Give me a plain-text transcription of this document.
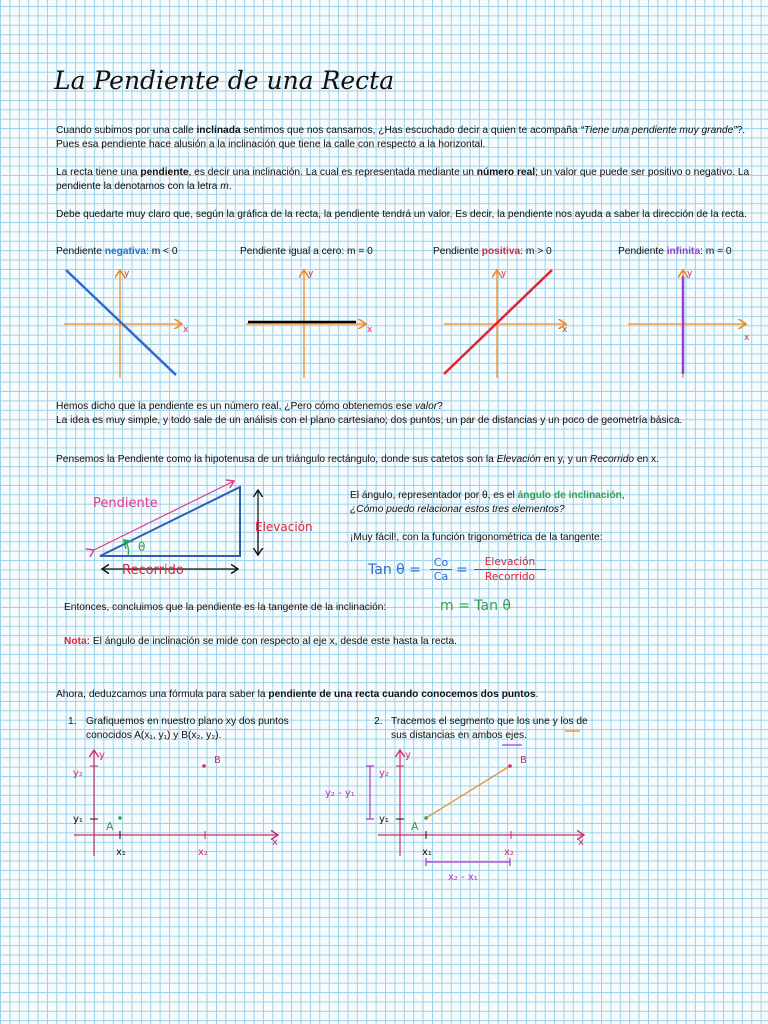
La Pendiente de una Recta
Cuando subimos por una calle inclinada sentimos que nos cansamos, ¿Has escuchado decir a quien te acompaña “Tiene una pendiente muy grande”?. Pues esa pendiente hace alusión a la inclinación que tiene la calle con respecto a la horizontal.
La recta tiene una pendiente, es decir una inclinación. La cual es representada mediante un número real; un valor que puede ser positivo o negativo. La pendiente la denotamos con la letra m.
Debe quedarte muy claro que, según la gráfica de la recta, la pendiente tendrá un valor. Es decir, la pendiente nos ayuda a saber la dirección de la recta.
Pendiente negativa: m < 0	Pendiente igual a cero: m = 0	Pendiente positiva: m > 0	Pendiente infinita: m = 0
x
y
x
y
x
y
x
y
Hemos dicho que la pendiente es un número real, ¿Pero cómo obtenemos ese valor?
La idea es muy simple, y todo sale de un análisis con el plano cartesiano; dos puntos; un par de distancias y un poco de geometría básica.
Pensemos la Pendiente como la hipotenusa de un triángulo rectángulo, donde sus catetos son la Elevación en y, y un Recorrido en x.
Pendiente
Elevación
Recorrido
θ
El ángulo, representador por θ, es el ángulo de inclinación,
¿Cómo puedo relacionar estos tres elementos?
¡Muy fácil!, con la función trigonométrica de la tangente:
Tan θ =	Co
Ca =	Elevación
Recorrido
Entonces, concluimos que la pendiente es la tangente de la inclinación:	m = Tan θ
Nota: El ángulo de inclinación se mide con respecto al eje x, desde este hasta la recta.
Ahora, deduzcamos una fórmula para saber la pendiente de una recta cuando conocemos dos puntos.
1. Grafiquemos en nuestro plano xy dos puntos conocidos A(x₁, y₁) y B(x₂, y₂).
2. Tracemos el segmento que los une y los de sus distancias en ambos ejes.
y
x
y₂
y₁
x₁	x₂
A
B	y
x
y₂
y₁
x₁	x₂
A
B
y₂ - y₁
x₂ - x₁
